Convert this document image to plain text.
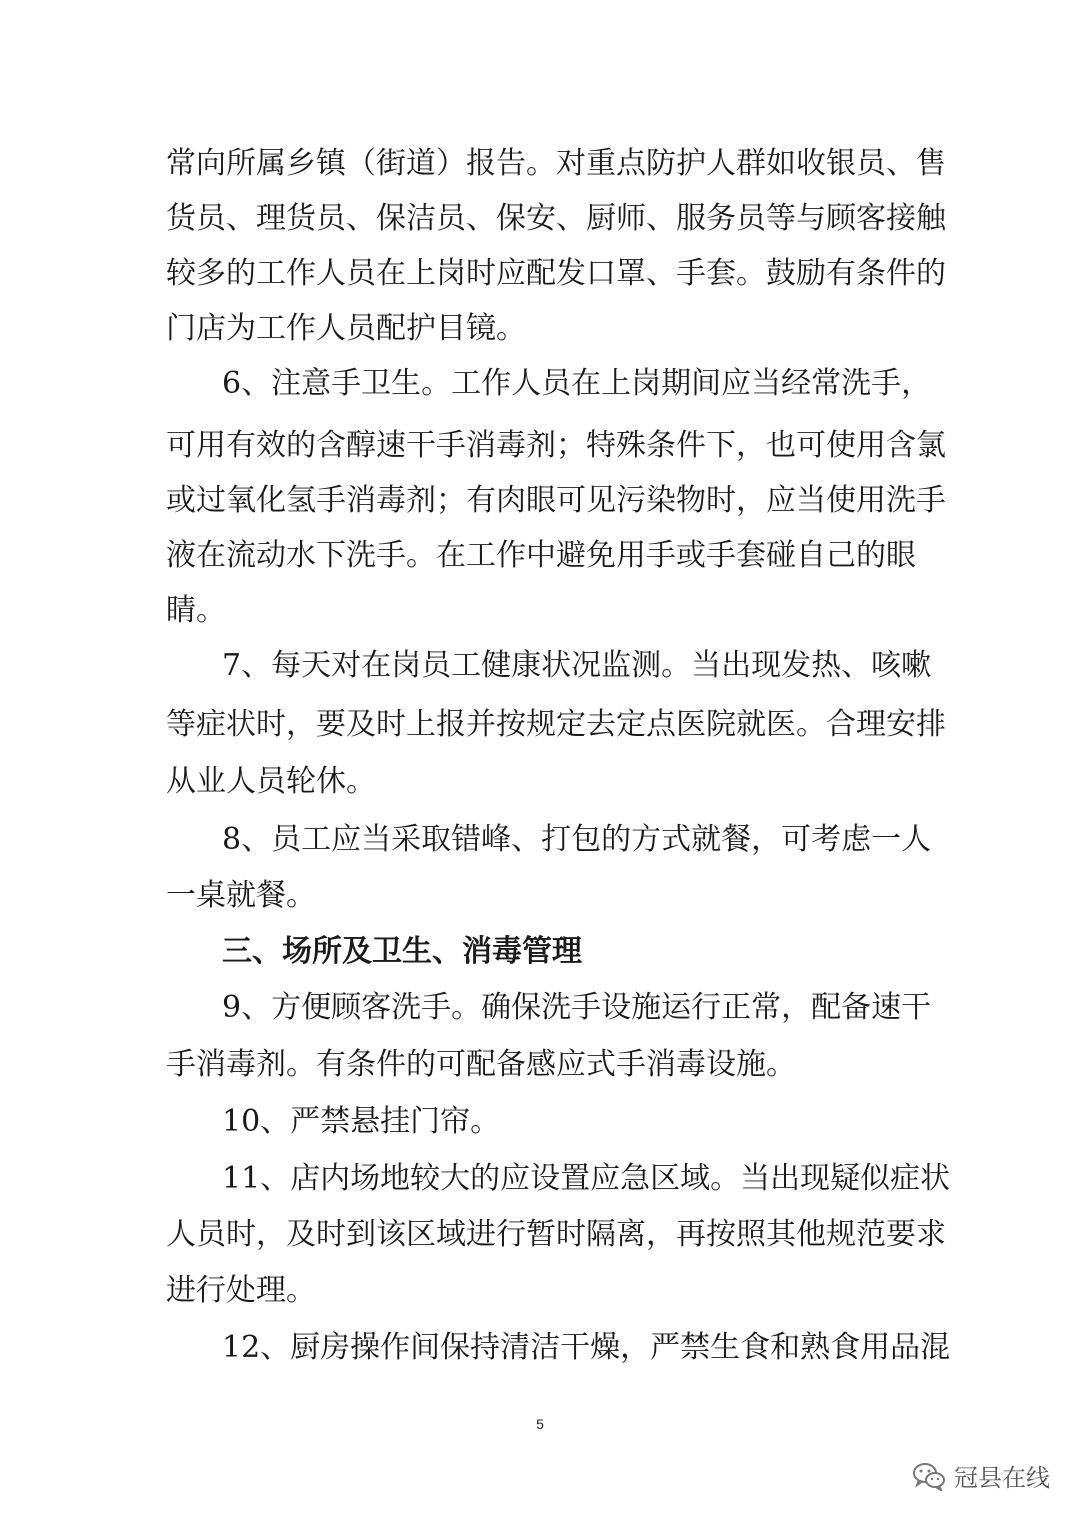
常向所属乡镇（街道）报告。对重点防护人群如收银员、售
货员、理货员、保洁员、保安、厨师、服务员等与顾客接触
较多的工作人员在上岗时应配发口罩、手套。鼓励有条件的
门店为工作人员配护目镜。
6、注意手卫生。工作人员在上岗期间应当经常洗手，
可用有效的含醇速干手消毒剂；特殊条件下，也可使用含氯
或过氧化氢手消毒剂；有肉眼可见污染物时，应当使用洗手
液在流动水下洗手。在工作中避免用手或手套碰自己的眼
睛。
7、每天对在岗员工健康状况监测。当出现发热、咳嗽
等症状时，要及时上报并按规定去定点医院就医。合理安排
从业人员轮休。
8、员工应当采取错峰、打包的方式就餐，可考虑一人
一桌就餐。
三、场所及卫生、消毒管理
9、方便顾客洗手。确保洗手设施运行正常，配备速干
手消毒剂。有条件的可配备感应式手消毒设施。
10、严禁悬挂门帘。
11、店内场地较大的应设置应急区域。当出现疑似症状
人员时，及时到该区域进行暂时隔离，再按照其他规范要求
进行处理。
12、厨房操作间保持清洁干燥，严禁生食和熟食用品混
5
冠县在线
